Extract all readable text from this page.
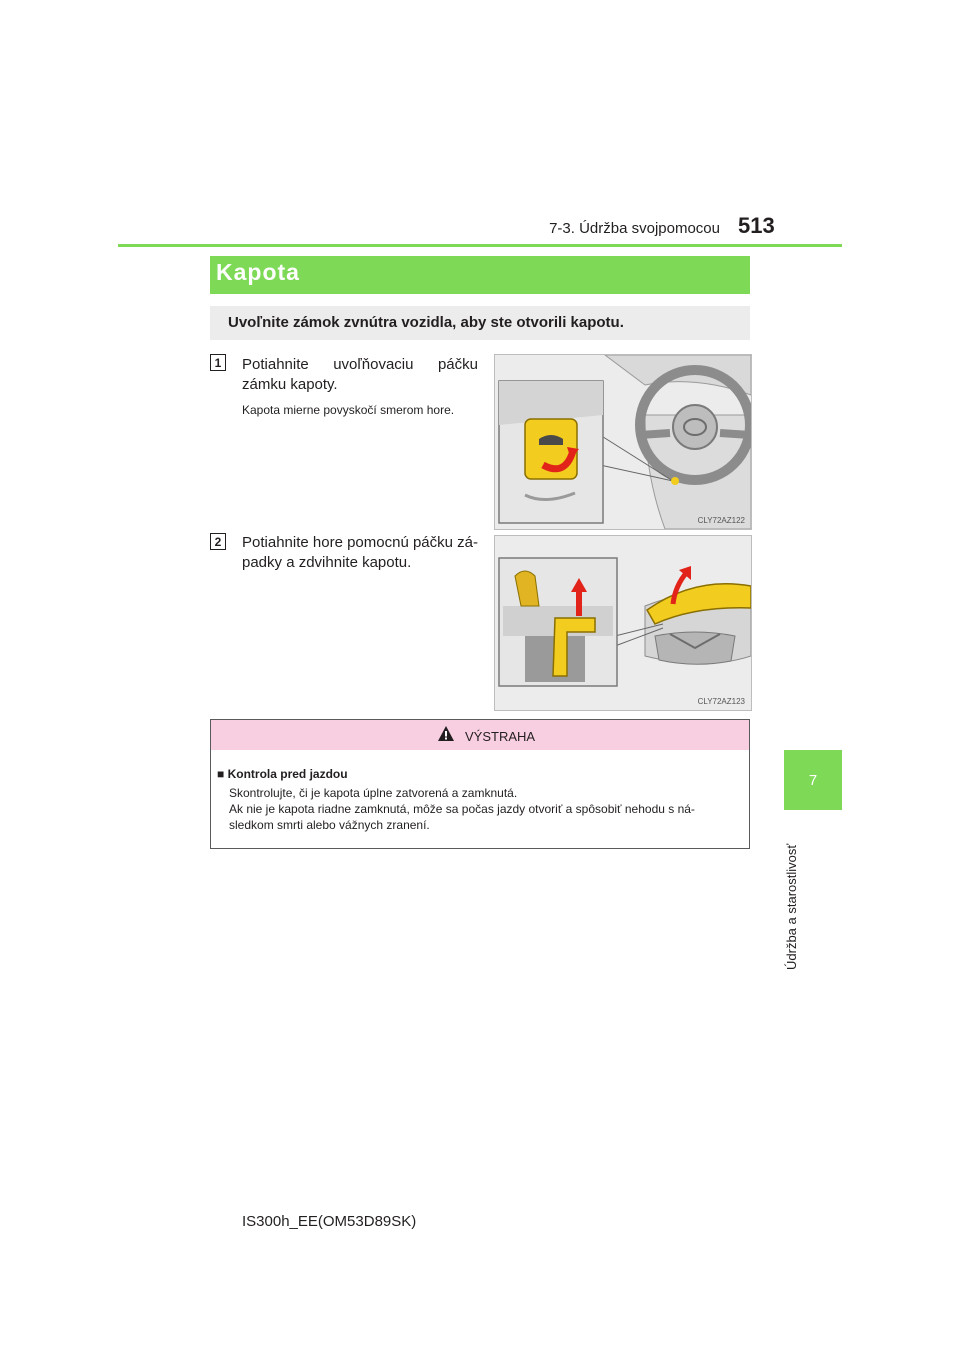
7-3. Údržba svojpomocou 513
7
Údržba a starostlivosť
Kapota
Uvoľnite zámok zvnútra vozidla, aby ste otvorili kapotu.
1	Potiahnite uvoľňovaciu páčku zámku kapoty.
Kapota mierne povyskočí smerom hore.
CLY72AZ122
2	Potiahnite hore pomocnú páčku zá- padky a zdvihnite kapotu.
CLY72AZ123
VÝSTRAHA
■ Kontrola pred jazdou
Skontrolujte, či je kapota úplne zatvorená a zamknutá.
Ak nie je kapota riadne zamknutá, môže sa počas jazdy otvoriť a spôsobiť nehodu s ná-
sledkom smrti alebo vážnych zranení.
IS300h_EE(OM53D89SK)
